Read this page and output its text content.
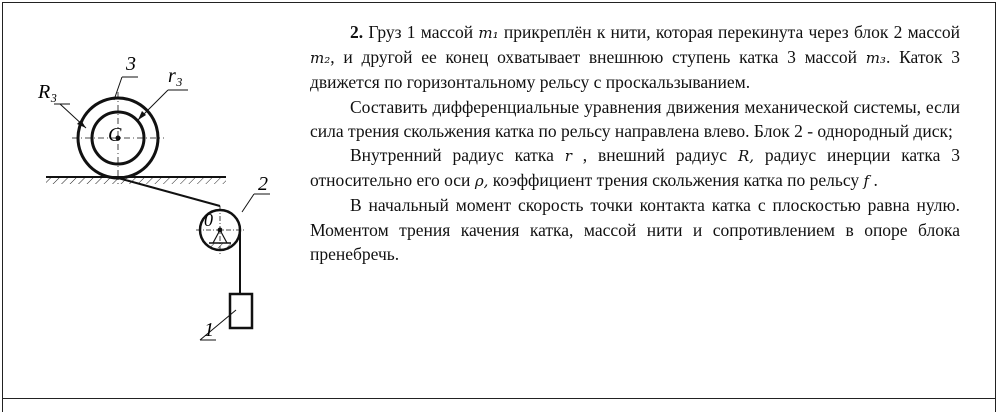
3
R₃
r₃
C
2
0
1

2. Груз 1 массой m₁ прикреплён к нити, которая перекинута через блок 2 массой m₂, и другой ее конец охватывает внешнюю ступень катка 3 массой m₃. Каток 3 движется по горизонтальному рельсу с проскальзыванием.

Составить дифференциальные уравнения движения механической системы, если сила трения скольжения катка по рельсу направлена влево. Блок 2 - однородный диск;

Внутренний радиус катка r , внешний радиус R, радиус инерции катка 3 относительно его оси ρ, коэффициент трения скольжения катка по рельсу f .

В начальный момент скорость точки контакта катка с плоскостью равна нулю. Моментом трения качения катка, массой нити и сопротивлением в опоре блока пренебречь.
